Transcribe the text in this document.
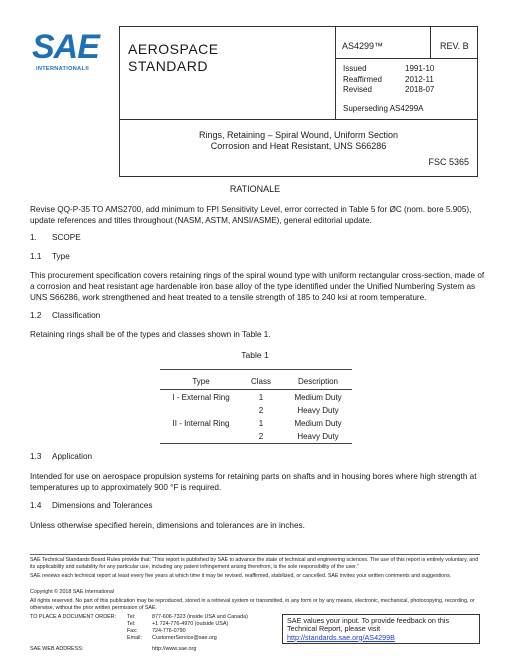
SAE
INTERNATIONAL®
AEROSPACE
STANDARD
AS4299™	REV. B
Issued	1991-10
Reaffirmed	2012-11
Revised	2018-07
Superseding AS4299A
Rings, Retaining – Spiral Wound, Uniform Section
Corrosion and Heat Resistant, UNS S66286
FSC 5365
RATIONALE
Revise QQ-P-35 TO AMS2700, add minimum to FPI Sensitivity Level, error corrected in Table 5 for ØC (nom. bore 5.905), update references and titles throughout (NASM, ASTM, ANSI/ASME), general editorial update.
1. SCOPE
1.1 Type
This procurement specification covers retaining rings of the spiral wound type with uniform rectangular cross-section, made of a corrosion and heat resistant age hardenable iron base alloy of the type identified under the Unified Numbering System as UNS S66286, work strengthened and heat treated to a tensile strength of 185 to 240 ksi at room temperature.
1.2 Classification
Retaining rings shall be of the types and classes shown in Table 1.
Table 1
Type	Class	Description
I - External Ring	1	Medium Duty
2	Heavy Duty
II - Internal Ring	1	Medium Duty
2	Heavy Duty
1.3 Application
Intended for use on aerospace propulsion systems for retaining parts on shafts and in housing bores where high strength at temperatures up to approximately 900 °F is required.
1.4 Dimensions and Tolerances
Unless otherwise specified herein, dimensions and tolerances are in inches.
SAE Technical Standards Board Rules provide that: “This report is published by SAE to advance the state of technical and engineering sciences. The use of this report is entirely voluntary, and its applicability and suitability for any particular use, including any patent infringement arising therefrom, is the sole responsibility of the user.”
SAE reviews each technical report at least every five years at which time it may be revised, reaffirmed, stabilized, or cancelled. SAE invites your written comments and suggestions.
Copyright © 2018 SAE International
All rights reserved. No part of this publication may be reproduced, stored in a retrieval system or transmitted, in any form or by any means, electronic, mechanical, photocopying, recording, or otherwise, without the prior written permission of SAE.
TO PLACE A DOCUMENT ORDER:	Tel:	877-606-7323 (inside USA and Canada)
Tel:	+1 724-776-4970 (outside USA)
Fax:	724-776-0790
Email:	CustomerService@sae.org
SAE WEB ADDRESS:	http://www.sae.org
SAE values your input. To provide feedback on this
Technical Report, please visit
http://standards.sae.org/AS4299B
